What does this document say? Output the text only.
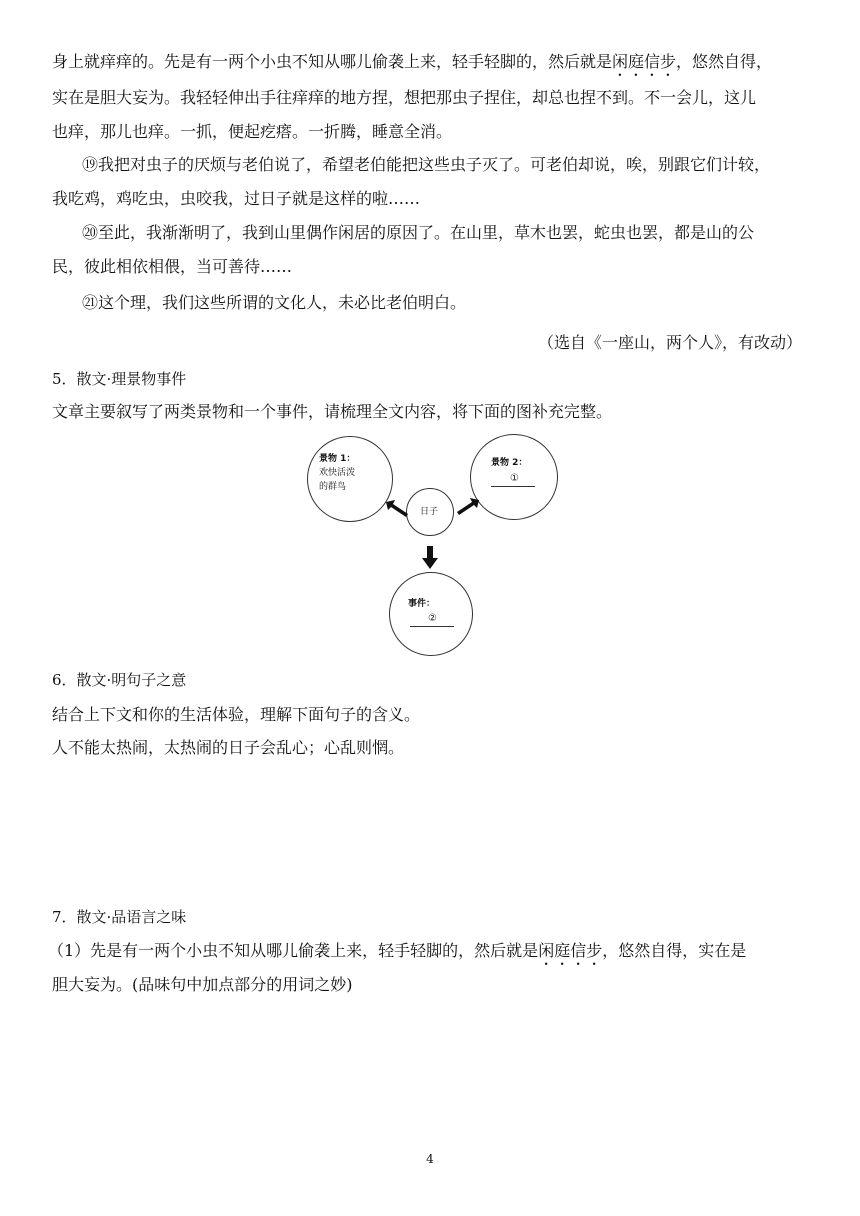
身上就痒痒的。先是有一两个小虫不知从哪儿偷袭上来，轻手轻脚的，然后就是闲庭信步，悠然自得，
实在是胆大妄为。我轻轻伸出手往痒痒的地方捏，想把那虫子捏住，却总也捏不到。不一会儿，这儿
也痒，那儿也痒。一抓，便起疙瘩。一折腾，睡意全消。
⑲我把对虫子的厌烦与老伯说了，希望老伯能把这些虫子灭了。可老伯却说，唉，别跟它们计较，
我吃鸡，鸡吃虫，虫咬我，过日子就是这样的啦……
⑳至此，我渐渐明了，我到山里偶作闲居的原因了。在山里，草木也罢，蛇虫也罢，都是山的公
民，彼此相依相偎，当可善待……
㉑这个理，我们这些所谓的文化人，未必比老伯明白。
（选自《一座山，两个人》，有改动）
5．散文·理景物事件
文章主要叙写了两类景物和一个事件，请梳理全文内容，将下面的图补充完整。
景物 1：
欢快活泼
的群鸟
景物 2：
①
日子
事件：
②
6．散文·明句子之意
结合上下文和你的生活体验，理解下面句子的含义。
人不能太热闹，太热闹的日子会乱心；心乱则惘。
7．散文·品语言之味
（1）先是有一两个小虫不知从哪儿偷袭上来，轻手轻脚的，然后就是闲庭信步，悠然自得，实在是
胆大妄为。(品味句中加点部分的用词之妙)
4
